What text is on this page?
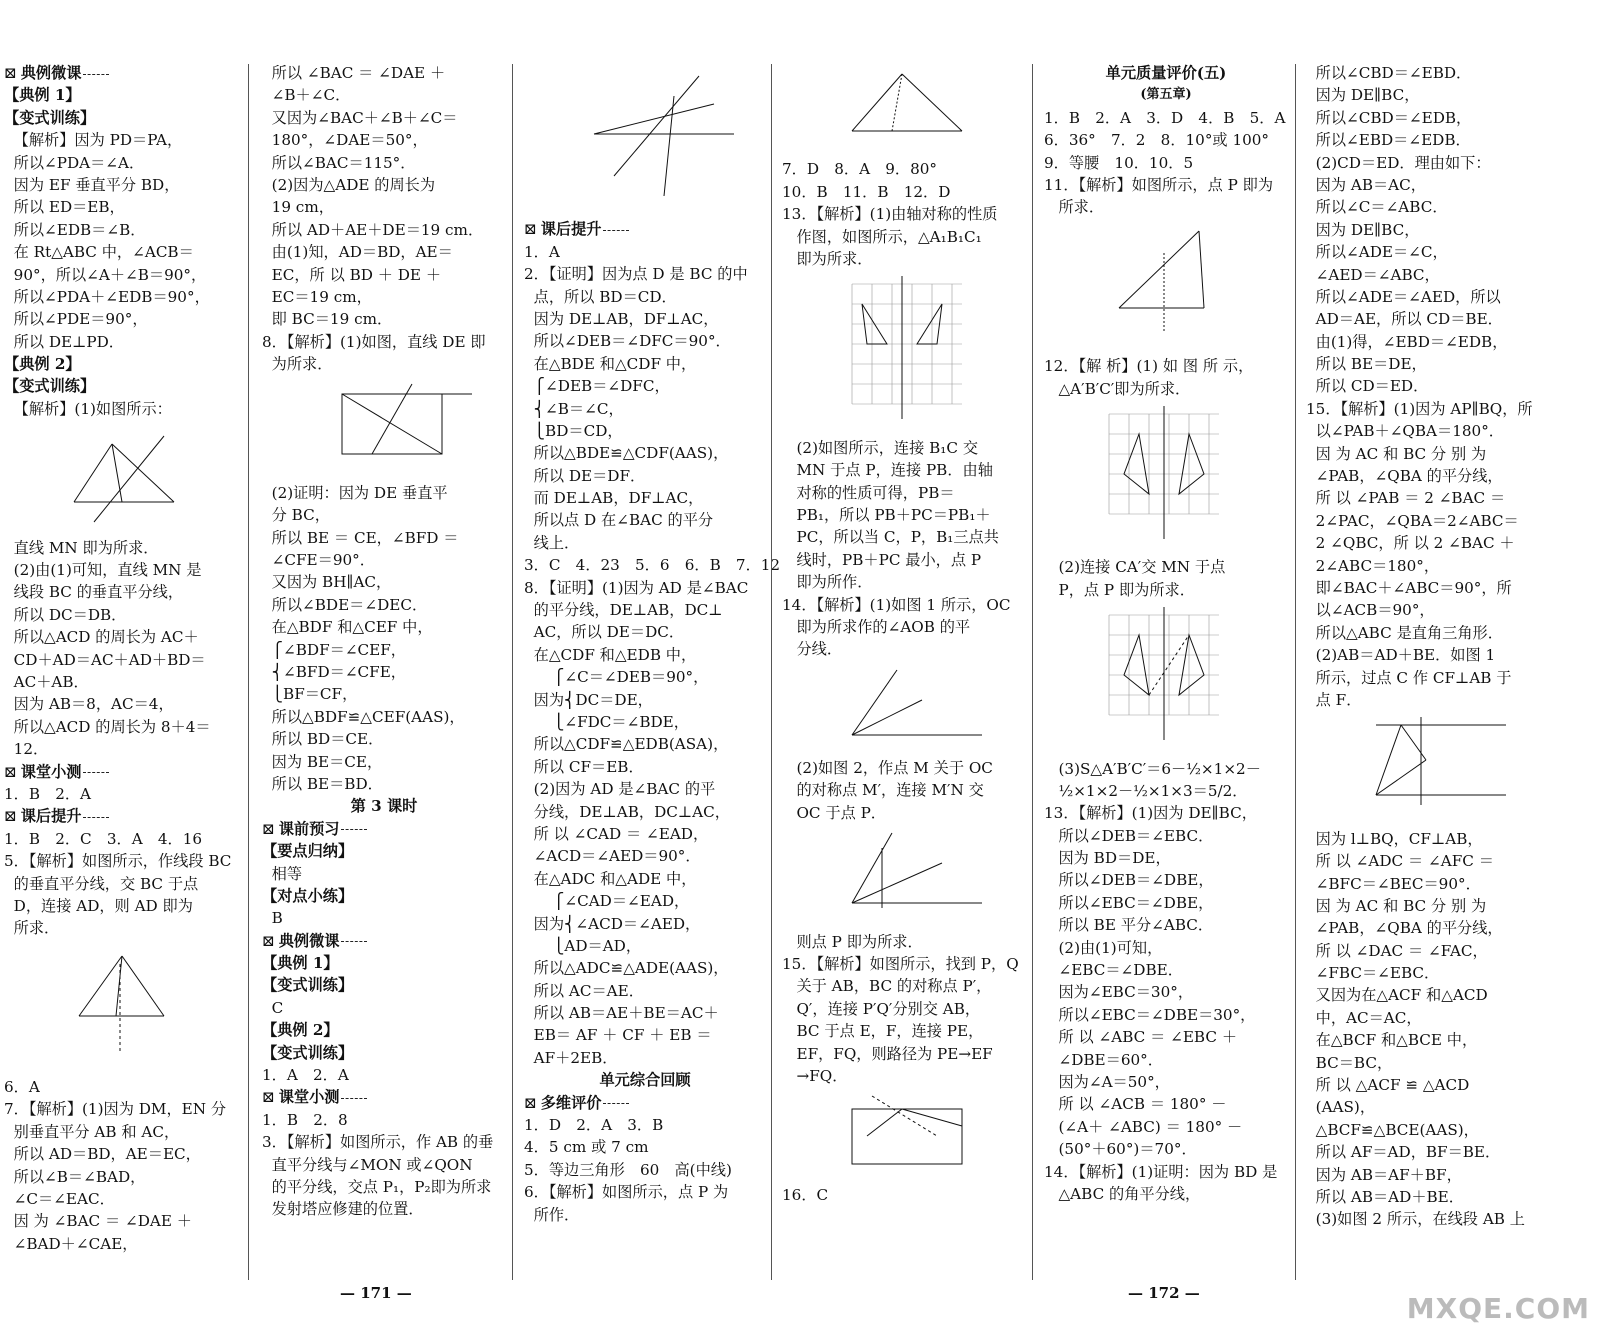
⊠ 典例微课
【典例 1】
【变式训练】
【解析】因为 PD＝PA，
所以∠PDA＝∠A．
因为 EF 垂直平分 BD，
所以 ED＝EB，
所以∠EDB＝∠B．
在 Rt△ABC 中，∠ACB＝
90°，所以∠A＋∠B＝90°，
所以∠PDA＋∠EDB＝90°，
所以∠PDE＝90°，
所以 DE⊥PD．
【典例 2】
【变式训练】
【解析】(1)如图所示：
直线 MN 即为所求．
(2)由(1)可知，直线 MN 是
线段 BC 的垂直平分线，
所以 DC＝DB．
所以△ACD 的周长为 AC＋
CD＋AD＝AC＋AD＋BD＝
AC＋AB．
因为 AB＝8，AC＝4，
所以△ACD 的周长为 8＋4＝
12．
⊠ 课堂小测
1．B　2．A
⊠ 课后提升
1．B　2．C　3．A　4．16
5．【解析】如图所示，作线段 BC
的垂直平分线，交 BC 于点
D，连接 AD，则 AD 即为
所求．
6．A
7．【解析】(1)因为 DM，EN 分
别垂直平分 AB 和 AC，
所以 AD＝BD，AE＝EC，
所以∠B＝∠BAD，
∠C＝∠EAC．
因 为 ∠BAC ＝ ∠DAE ＋
∠BAD＋∠CAE，
所以 ∠BAC ＝ ∠DAE ＋
∠B＋∠C．
又因为∠BAC＋∠B＋∠C＝
180°，∠DAE＝50°，
所以∠BAC＝115°．
(2)因为△ADE 的周长为
19 cm，
所以 AD＋AE＋DE＝19 cm．
由(1)知，AD＝BD，AE＝
EC，所 以 BD ＋ DE ＋
EC＝19 cm，
即 BC＝19 cm．
8．【解析】(1)如图，直线 DE 即
为所求．
(2)证明：因为 DE 垂直平
分 BC，
所以 BE ＝ CE，∠BFD ＝
∠CFE＝90°．
又因为 BH∥AC，
所以∠BDE＝∠DEC．
在△BDF 和△CEF 中，
⎧∠BDF＝∠CEF，
⎨∠BFD＝∠CFE，
⎩BF＝CF，
所以△BDF≌△CEF(AAS)，
所以 BD＝CE．
因为 BE＝CE，
所以 BE＝BD．
第 3 课时
⊠ 课前预习
【要点归纳】
相等
【对点小练】
B
⊠ 典例微课
【典例 1】
【变式训练】
C
【典例 2】
【变式训练】
1．A　2．A
⊠ 课堂小测
1．B　2．8
3．【解析】如图所示，作 AB 的垂
直平分线与∠MON 或∠QON
的平分线，交点 P₁，P₂即为所求
发射塔应修建的位置．
⊠ 课后提升
1．A
2．【证明】因为点 D 是 BC 的中
点，所以 BD＝CD．
因为 DE⊥AB，DF⊥AC，
所以∠DEB＝∠DFC＝90°．
在△BDE 和△CDF 中，
⎧∠DEB＝∠DFC，
⎨∠B＝∠C，
⎩BD＝CD，
所以△BDE≌△CDF(AAS)，
所以 DE＝DF．
而 DE⊥AB，DF⊥AC，
所以点 D 在∠BAC 的平分
线上．
3．C　4．23　5．6　6．B　7．12
8．【证明】(1)因为 AD 是∠BAC
的平分线，DE⊥AB，DC⊥
AC，所以 DE＝DC．
在△CDF 和△EDB 中，
⎧∠C＝∠DEB＝90°，
因为⎨DC＝DE，
⎩∠FDC＝∠BDE，
所以△CDF≌△EDB(ASA)，
所以 CF＝EB．
(2)因为 AD 是∠BAC 的平
分线，DE⊥AB，DC⊥AC，
所 以 ∠CAD ＝ ∠EAD，
∠ACD＝∠AED＝90°．
在△ADC 和△ADE 中，
⎧∠CAD＝∠EAD，
因为⎨∠ACD＝∠AED，
⎩AD＝AD，
所以△ADC≌△ADE(AAS)，
所以 AC＝AE．
所以 AB＝AE＋BE＝AC＋
EB＝ AF ＋ CF ＋ EB ＝
AF＋2EB．
单元综合回顾
⊠ 多维评价
1．D　2．A　3．B
4．5 cm 或 7 cm
5．等边三角形　60　高(中线)
6．【解析】如图所示，点 P 为
所作．
7．D　8．A　9．80°
10．B　11．B　12．D
13．【解析】(1)由轴对称的性质
作图，如图所示，△A₁B₁C₁
即为所求．
(2)如图所示，连接 B₁C 交
MN 于点 P，连接 PB．由轴
对称的性质可得，PB＝
PB₁，所以 PB＋PC＝PB₁＋
PC，所以当 C，P，B₁三点共
线时，PB＋PC 最小，点 P
即为所作．
14．【解析】(1)如图 1 所示，OC
即为所求作的∠AOB 的平
分线．
(2)如图 2，作点 M 关于 OC
的对称点 M′，连接 M′N 交
OC 于点 P．
则点 P 即为所求．
15．【解析】如图所示，找到 P，Q
关于 AB，BC 的对称点 P′，
Q′，连接 P′Q′分别交 AB，
BC 于点 E，F，连接 PE，
EF，FQ，则路径为 PE→EF
→FQ．
16．C
单元质量评价(五)
(第五章)
1．B　2．A　3．D　4．B　5．A
6．36°　7．2　8．10°或 100°
9．等腰　10．10．5
11．【解析】如图所示，点 P 即为
所求．
12．【解 析】(1) 如 图 所 示，
△A′B′C′即为所求．
(2)连接 CA′交 MN 于点
P，点 P 即为所求．
(3)S△A′B′C′＝6－½×1×2－
½×1×2－½×1×3＝5/2．
13．【解析】(1)因为 DE∥BC，
所以∠DEB＝∠EBC．
因为 BD＝DE，
所以∠DEB＝∠DBE，
所以∠EBC＝∠DBE，
所以 BE 平分∠ABC．
(2)由(1)可知，
∠EBC＝∠DBE．
因为∠EBC＝30°，
所以∠EBC＝∠DBE＝30°，
所 以 ∠ABC ＝ ∠EBC ＋
∠DBE＝60°．
因为∠A＝50°，
所 以 ∠ACB ＝ 180° －
(∠A＋ ∠ABC) ＝ 180° －
(50°＋60°)＝70°．
14．【解析】(1)证明：因为 BD 是
△ABC 的角平分线，
所以∠CBD＝∠EBD．
因为 DE∥BC，
所以∠CBD＝∠EDB，
所以∠EBD＝∠EDB．
(2)CD＝ED．理由如下：
因为 AB＝AC，
所以∠C＝∠ABC．
因为 DE∥BC，
所以∠ADE＝∠C，
∠AED＝∠ABC，
所以∠ADE＝∠AED，所以
AD＝AE，所以 CD＝BE．
由(1)得，∠EBD＝∠EDB，
所以 BE＝DE，
所以 CD＝ED．
15．【解析】(1)因为 AP∥BQ，所
以∠PAB＋∠QBA＝180°．
因 为 AC 和 BC 分 别 为
∠PAB，∠QBA 的平分线，
所 以 ∠PAB ＝ 2 ∠BAC ＝
2∠PAC，∠QBA＝2∠ABC＝
2 ∠QBC，所 以 2 ∠BAC ＋
2∠ABC＝180°，
即∠BAC＋∠ABC＝90°，所
以∠ACB＝90°，
所以△ABC 是直角三角形．
(2)AB＝AD＋BE．如图 1
所示，过点 C 作 CF⊥AB 于
点 F．
因为 l⊥BQ，CF⊥AB，
所 以 ∠ADC ＝ ∠AFC ＝
∠BFC＝∠BEC＝90°．
因 为 AC 和 BC 分 别 为
∠PAB，∠QBA 的平分线，
所 以 ∠DAC ＝ ∠FAC，
∠FBC＝∠EBC．
又因为在△ACF 和△ACD
中，AC＝AC，
在△BCF 和△BCE 中，
BC＝BC，
所 以 △ACF ≌ △ACD
(AAS)，
△BCF≌△BCE(AAS)，
所以 AF＝AD，BF＝BE．
因为 AB＝AF＋BF，
所以 AB＝AD＋BE．
(3)如图 2 所示，在线段 AB 上
— 171 —	— 172 —	MXQE.COM
